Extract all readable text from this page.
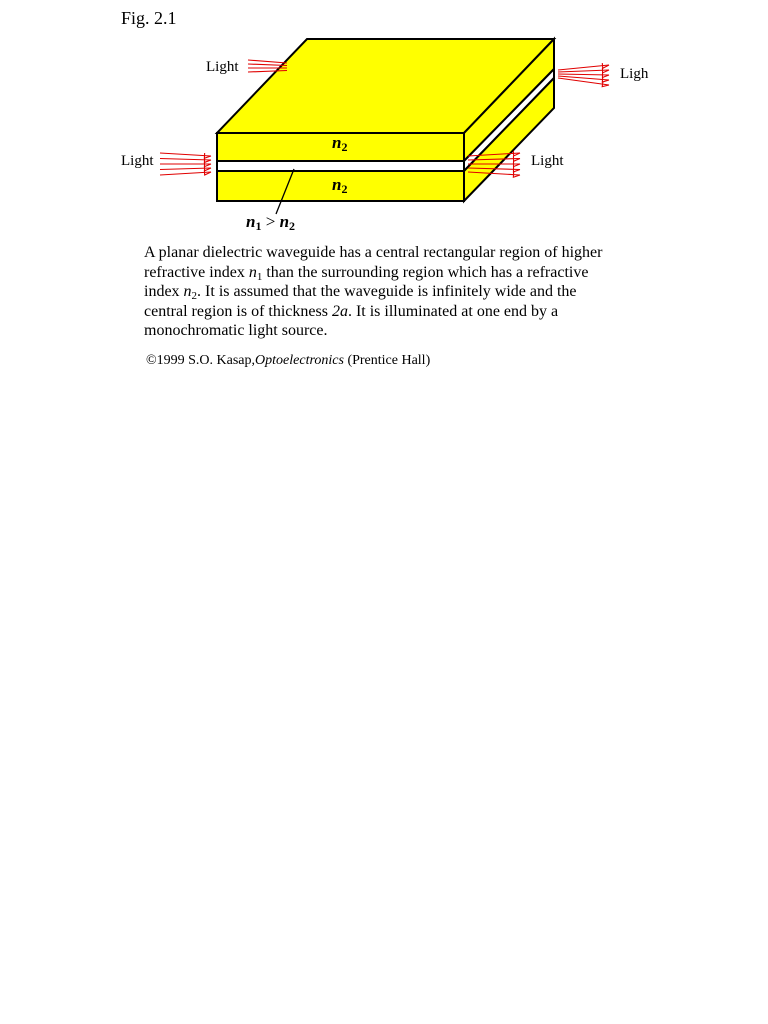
Fig. 2.1
Light	Ligh
Light	Light
$n_2$
$n_2$
$n_1 > n_2$

A planar dielectric waveguide has a central rectangular region of higher refractive index $n_1$ than the surrounding region which has a refractive index $n_2$. It is assumed that the waveguide is infinitely wide and the central region is of thickness 2a. It is illuminated at one end by a monochromatic light source.

©1999 S.O. Kasap,Optoelectronics (Prentice Hall)
